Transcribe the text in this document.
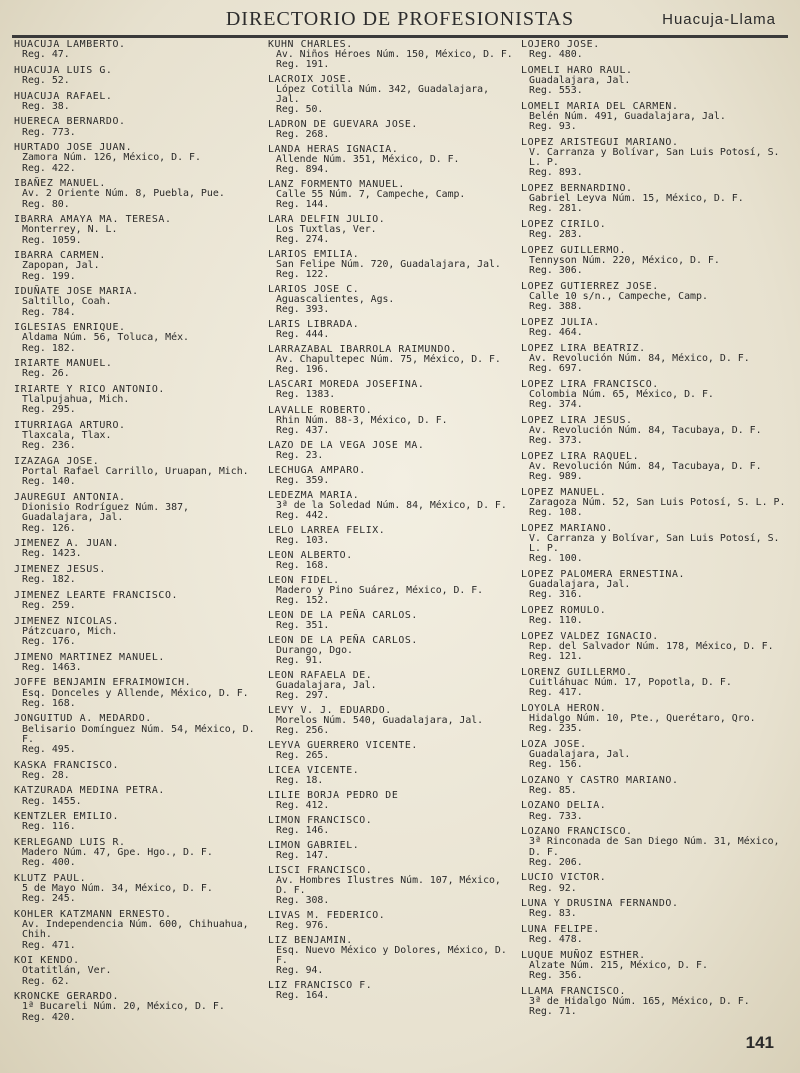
DIRECTORIO DE PROFESIONISTAS	Huacuja-Llama
HUACUJA LAMBERTO.
Reg. 47.
HUACUJA LUIS G.
Reg. 52.
HUACUJA RAFAEL.
Reg. 38.
HUERECA BERNARDO.
Reg. 773.
HURTADO JOSE JUAN.
Zamora Núm. 126, México, D. F.
Reg. 422.
IBAÑEZ MANUEL.
Av. 2 Oriente Núm. 8, Puebla, Pue.
Reg. 80.
IBARRA AMAYA MA. TERESA.
Monterrey, N. L.
Reg. 1059.
IBARRA CARMEN.
Zapopan, Jal.
Reg. 199.
IDUÑATE JOSE MARIA.
Saltillo, Coah.
Reg. 784.
IGLESIAS ENRIQUE.
Aldama Núm. 56, Toluca, Méx.
Reg. 182.
IRIARTE MANUEL.
Reg. 26.
IRIARTE Y RICO ANTONIO.
Tlalpujahua, Mich.
Reg. 295.
ITURRIAGA ARTURO.
Tlaxcala, Tlax.
Reg. 236.
IZAZAGA JOSE.
Portal Rafael Carrillo, Uruapan, Mich.
Reg. 140.
JAUREGUI ANTONIA.
Dionisio Rodríguez Núm. 387, Guadalajara, Jal.
Reg. 126.
JIMENEZ A. JUAN.
Reg. 1423.
JIMENEZ JESUS.
Reg. 182.
JIMENEZ LEARTE FRANCISCO.
Reg. 259.
JIMENEZ NICOLAS.
Pátzcuaro, Mich.
Reg. 176.
JIMENO MARTINEZ MANUEL.
Reg. 1463.
JOFFE BENJAMIN EFRAIMOWICH.
Esq. Donceles y Allende, México, D. F.
Reg. 168.
JONGUITUD A. MEDARDO.
Belisario Domínguez Núm. 54, México, D. F.
Reg. 495.
KASKA FRANCISCO.
Reg. 28.
KATZURADA MEDINA PETRA.
Reg. 1455.
KENTZLER EMILIO.
Reg. 116.
KERLEGAND LUIS R.
Madero Núm. 47, Gpe. Hgo., D. F.
Reg. 400.
KLUTZ PAUL.
5 de Mayo Núm. 34, México, D. F.
Reg. 245.
KOHLER KATZMANN ERNESTO.
Av. Independencia Núm. 600, Chihuahua, Chih.
Reg. 471.
KOI KENDO.
Otatitlán, Ver.
Reg. 62.
KRONCKE GERARDO.
1ª Bucareli Núm. 20, México, D. F.
Reg. 420.
KUHN CHARLES.
Av. Niños Héroes Núm. 150, México, D. F.
Reg. 191.
LACROIX JOSE.
López Cotilla Núm. 342, Guadalajara, Jal.
Reg. 50.
LADRON DE GUEVARA JOSE.
Reg. 268.
LANDA HERAS IGNACIA.
Allende Núm. 351, México, D. F.
Reg. 894.
LANZ FORMENTO MANUEL.
Calle 55 Núm. 7, Campeche, Camp.
Reg. 144.
LARA DELFIN JULIO.
Los Tuxtlas, Ver.
Reg. 274.
LARIOS EMILIA.
San Felipe Núm. 720, Guadalajara, Jal.
Reg. 122.
LARIOS JOSE C.
Aguascalientes, Ags.
Reg. 393.
LARIS LIBRADA.
Reg. 444.
LARRAZABAL IBARROLA RAIMUNDO.
Av. Chapultepec Núm. 75, México, D. F.
Reg. 196.
LASCARI MOREDA JOSEFINA.
Reg. 1383.
LAVALLE ROBERTO.
Rhin Núm. 88-3, México, D. F.
Reg. 437.
LAZO DE LA VEGA JOSE MA.
Reg. 23.
LECHUGA AMPARO.
Reg. 359.
LEDEZMA MARIA.
3ª de la Soledad Núm. 84, México, D. F.
Reg. 442.
LELO LARREA FELIX.
Reg. 103.
LEON ALBERTO.
Reg. 168.
LEON FIDEL.
Madero y Pino Suárez, México, D. F.
Reg. 152.
LEON DE LA PEÑA CARLOS.
Reg. 351.
LEON DE LA PEÑA CARLOS.
Durango, Dgo.
Reg. 91.
LEON RAFAELA DE.
Guadalajara, Jal.
Reg. 297.
LEVY V. J. EDUARDO.
Morelos Núm. 540, Guadalajara, Jal.
Reg. 256.
LEYVA GUERRERO VICENTE.
Reg. 265.
LICEA VICENTE.
Reg. 18.
LILIE BORJA PEDRO DE
Reg. 412.
LIMON FRANCISCO.
Reg. 146.
LIMON GABRIEL.
Reg. 147.
LISCI FRANCISCO.
Av. Hombres Ilustres Núm. 107, México, D. F.
Reg. 308.
LIVAS M. FEDERICO.
Reg. 976.
LIZ BENJAMIN.
Esq. Nuevo México y Dolores, México, D. F.
Reg. 94.
LIZ FRANCISCO F.
Reg. 164.
LOJERO JOSE.
Reg. 480.
LOMELI HARO RAUL.
Guadalajara, Jal.
Reg. 553.
LOMELI MARIA DEL CARMEN.
Belén Núm. 491, Guadalajara, Jal.
Reg. 93.
LOPEZ ARISTEGUI MARIANO.
V. Carranza y Bolívar, San Luis Potosí, S. L. P.
Reg. 893.
LOPEZ BERNARDINO.
Gabriel Leyva Núm. 15, México, D. F.
Reg. 281.
LOPEZ CIRILO.
Reg. 283.
LOPEZ GUILLERMO.
Tennyson Núm. 220, México, D. F.
Reg. 306.
LOPEZ GUTIERREZ JOSE.
Calle 10 s/n., Campeche, Camp.
Reg. 388.
LOPEZ JULIA.
Reg. 464.
LOPEZ LIRA BEATRIZ.
Av. Revolución Núm. 84, México, D. F.
Reg. 697.
LOPEZ LIRA FRANCISCO.
Colombia Núm. 65, México, D. F.
Reg. 374.
LOPEZ LIRA JESUS.
Av. Revolución Núm. 84, Tacubaya, D. F.
Reg. 373.
LOPEZ LIRA RAQUEL.
Av. Revolución Núm. 84, Tacubaya, D. F.
Reg. 989.
LOPEZ MANUEL.
Zaragoza Núm. 52, San Luis Potosí, S. L. P.
Reg. 108.
LOPEZ MARIANO.
V. Carranza y Bolívar, San Luis Potosí, S. L. P.
Reg. 100.
LOPEZ PALOMERA ERNESTINA.
Guadalajara, Jal.
Reg. 316.
LOPEZ ROMULO.
Reg. 110.
LOPEZ VALDEZ IGNACIO.
Rep. del Salvador Núm. 178, México, D. F.
Reg. 121.
LORENZ GUILLERMO.
Cuitláhuac Núm. 17, Popotla, D. F.
Reg. 417.
LOYOLA HERON.
Hidalgo Núm. 10, Pte., Querétaro, Qro.
Reg. 235.
LOZA JOSE.
Guadalajara, Jal.
Reg. 156.
LOZANO Y CASTRO MARIANO.
Reg. 85.
LOZANO DELIA.
Reg. 733.
LOZANO FRANCISCO.
3ª Rinconada de San Diego Núm. 31, México, D. F.
Reg. 206.
LUCIO VICTOR.
Reg. 92.
LUNA Y DRUSINA FERNANDO.
Reg. 83.
LUNA FELIPE.
Reg. 478.
LUQUE MUÑOZ ESTHER.
Alzate Núm. 215, México, D. F.
Reg. 356.
LLAMA FRANCISCO.
3ª de Hidalgo Núm. 165, México, D. F.
Reg. 71.
141
